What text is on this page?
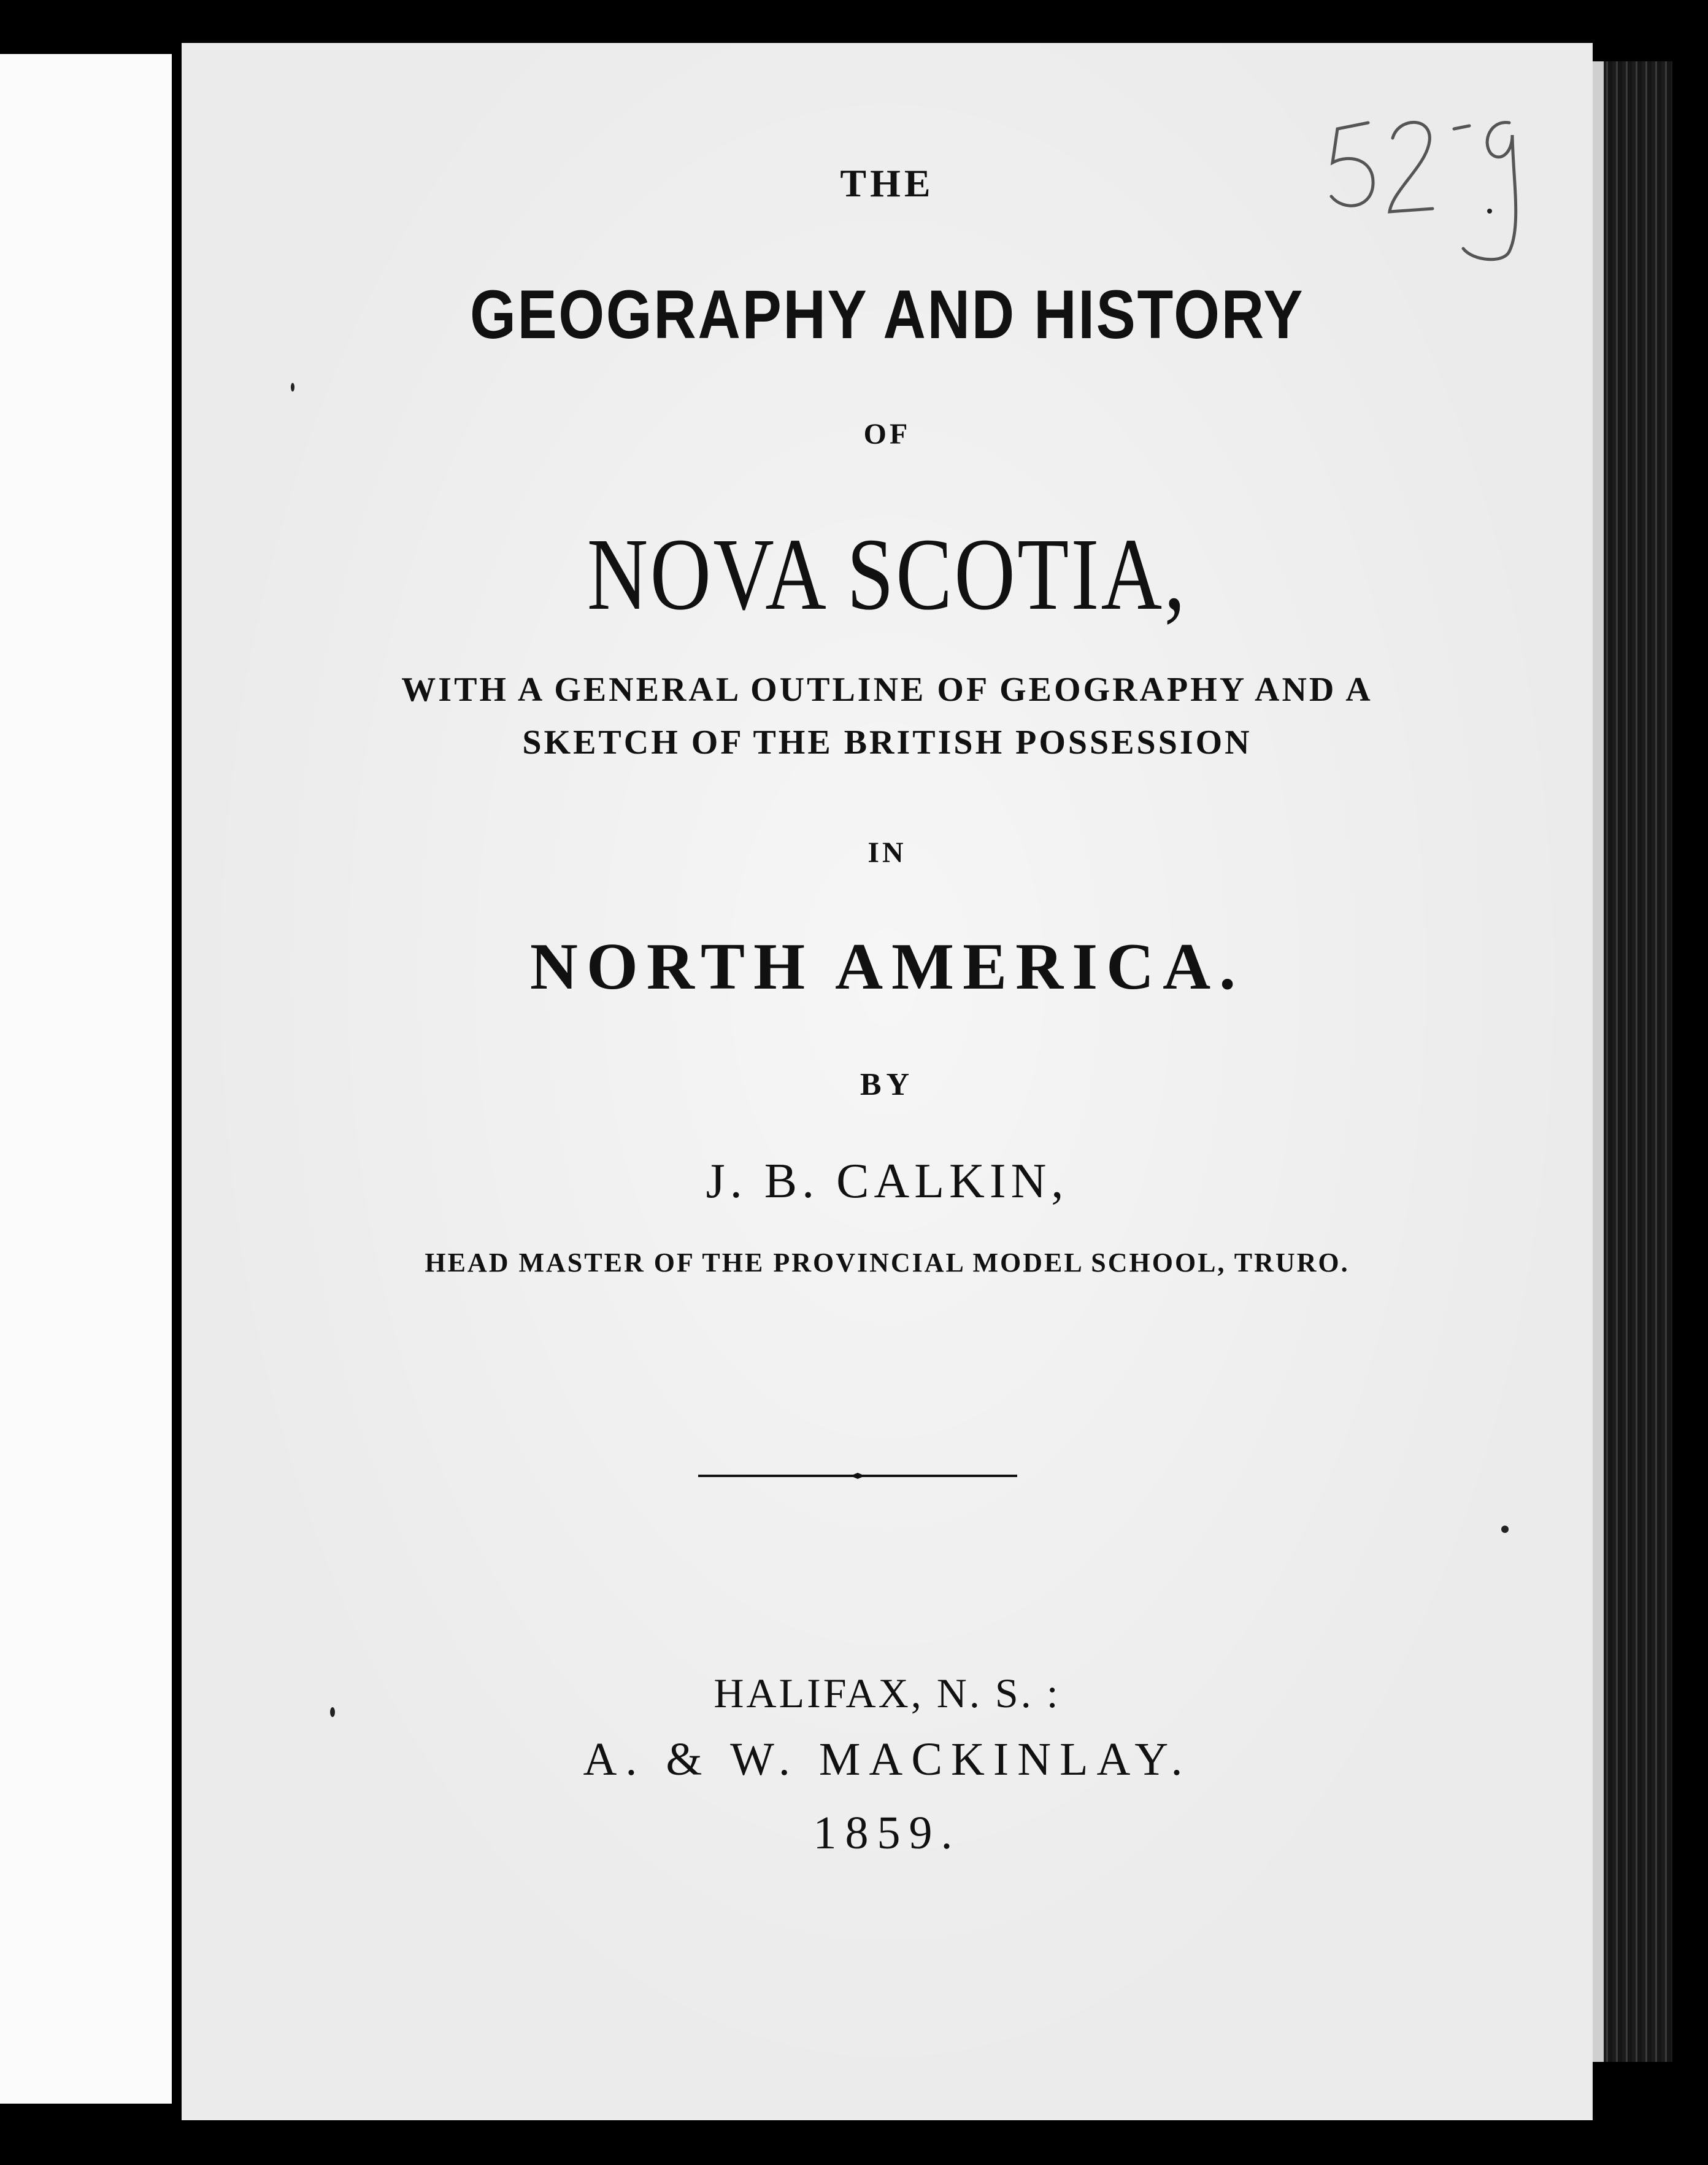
THE
GEOGRAPHY AND HISTORY
OF
NOVA SCOTIA,
WITH A GENERAL OUTLINE OF GEOGRAPHY AND A
SKETCH OF THE BRITISH POSSESSION
IN
NORTH AMERICA.
BY
J. B. CALKIN,
HEAD MASTER OF THE PROVINCIAL MODEL SCHOOL, TRURO.
HALIFAX, N. S. :
A. & W. MACKINLAY.
1859.
